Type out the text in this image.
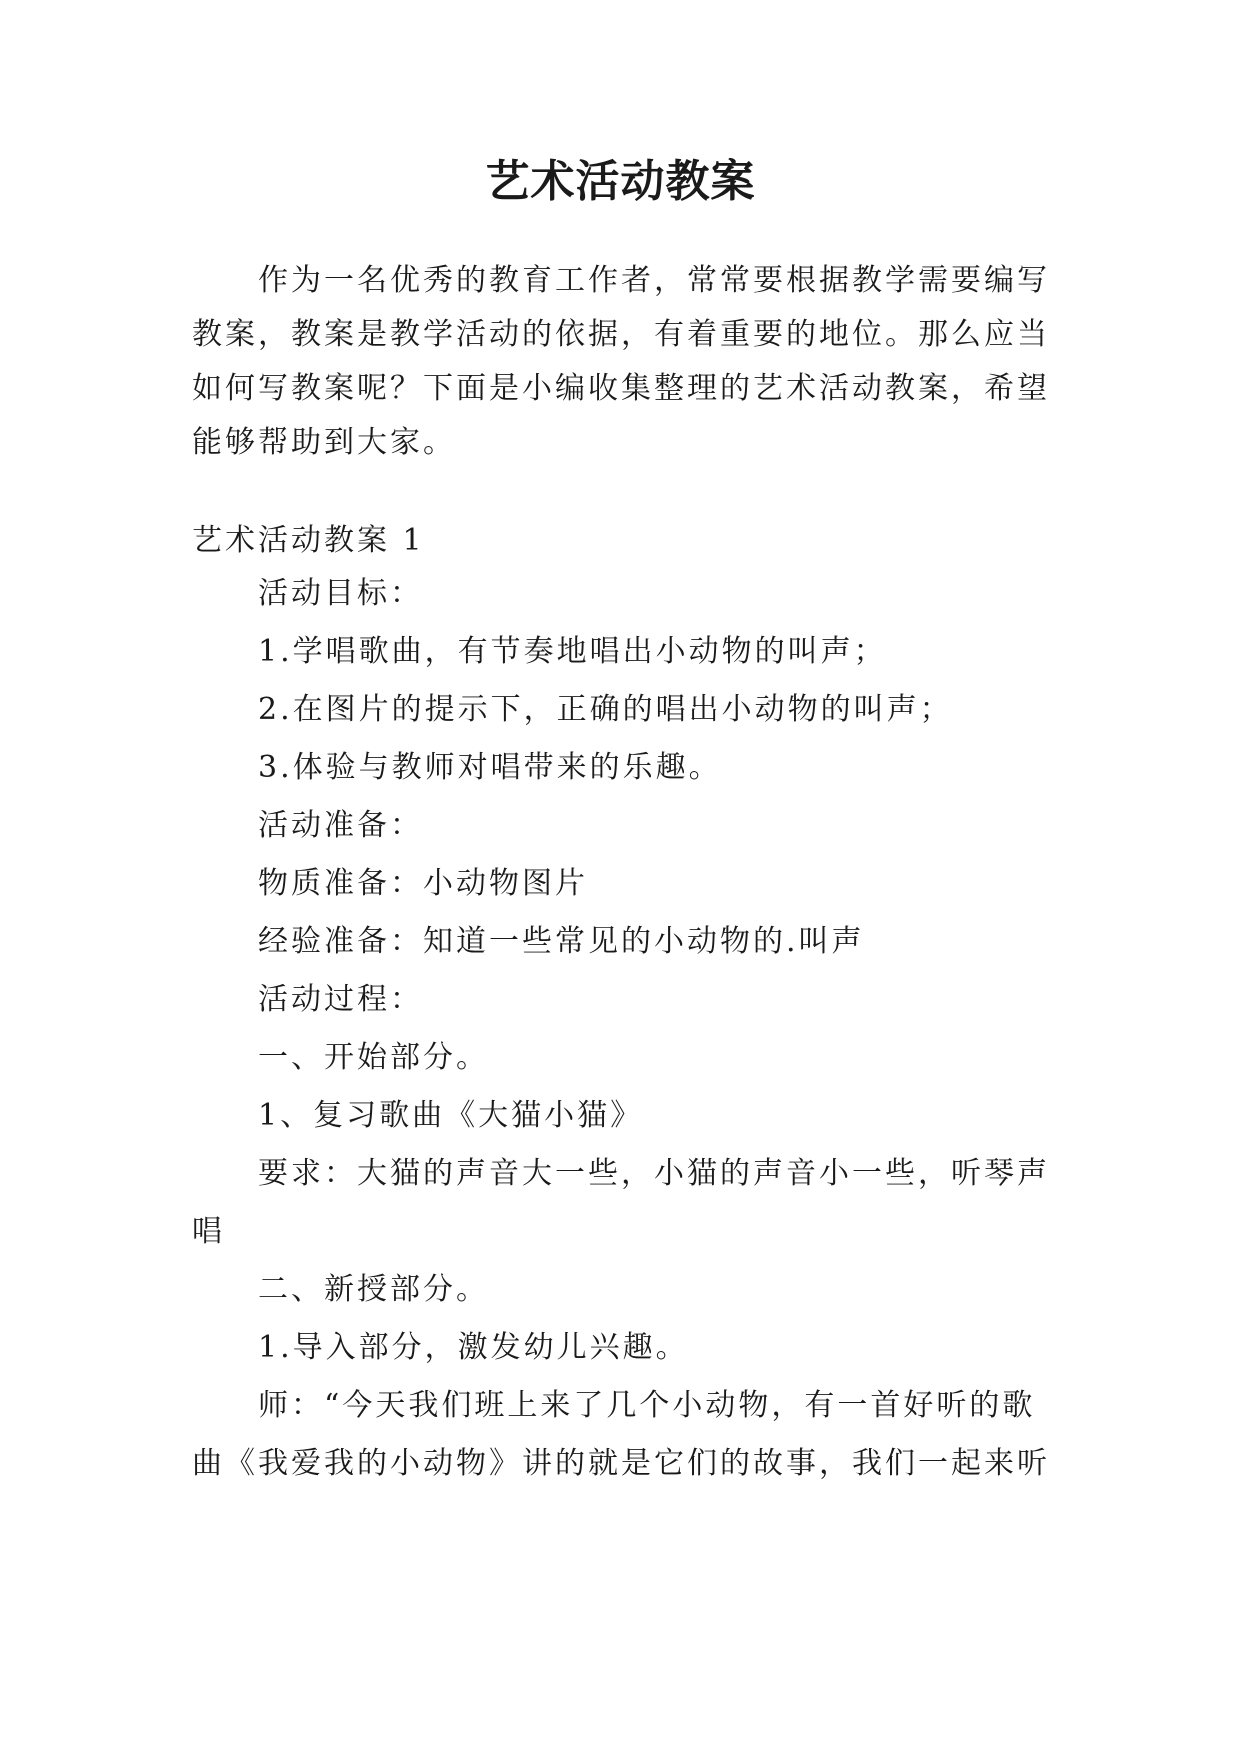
艺术活动教案
作为一名优秀的教育工作者，常常要根据教学需要编写
教案，教案是教学活动的依据，有着重要的地位。那么应当
如何写教案呢？下面是小编收集整理的艺术活动教案，希望
能够帮助到大家。
艺术活动教案 1
活动目标：
1.学唱歌曲，有节奏地唱出小动物的叫声；
2.在图片的提示下，正确的唱出小动物的叫声；
3.体验与教师对唱带来的乐趣。
活动准备：
物质准备：小动物图片
经验准备：知道一些常见的小动物的.叫声
活动过程：
一、开始部分。
1、复习歌曲《大猫小猫》
要求：大猫的声音大一些，小猫的声音小一些，听琴声
唱
二、新授部分。
1.导入部分，激发幼儿兴趣。
师：“今天我们班上来了几个小动物，有一首好听的歌
曲《我爱我的小动物》讲的就是它们的故事，我们一起来听
